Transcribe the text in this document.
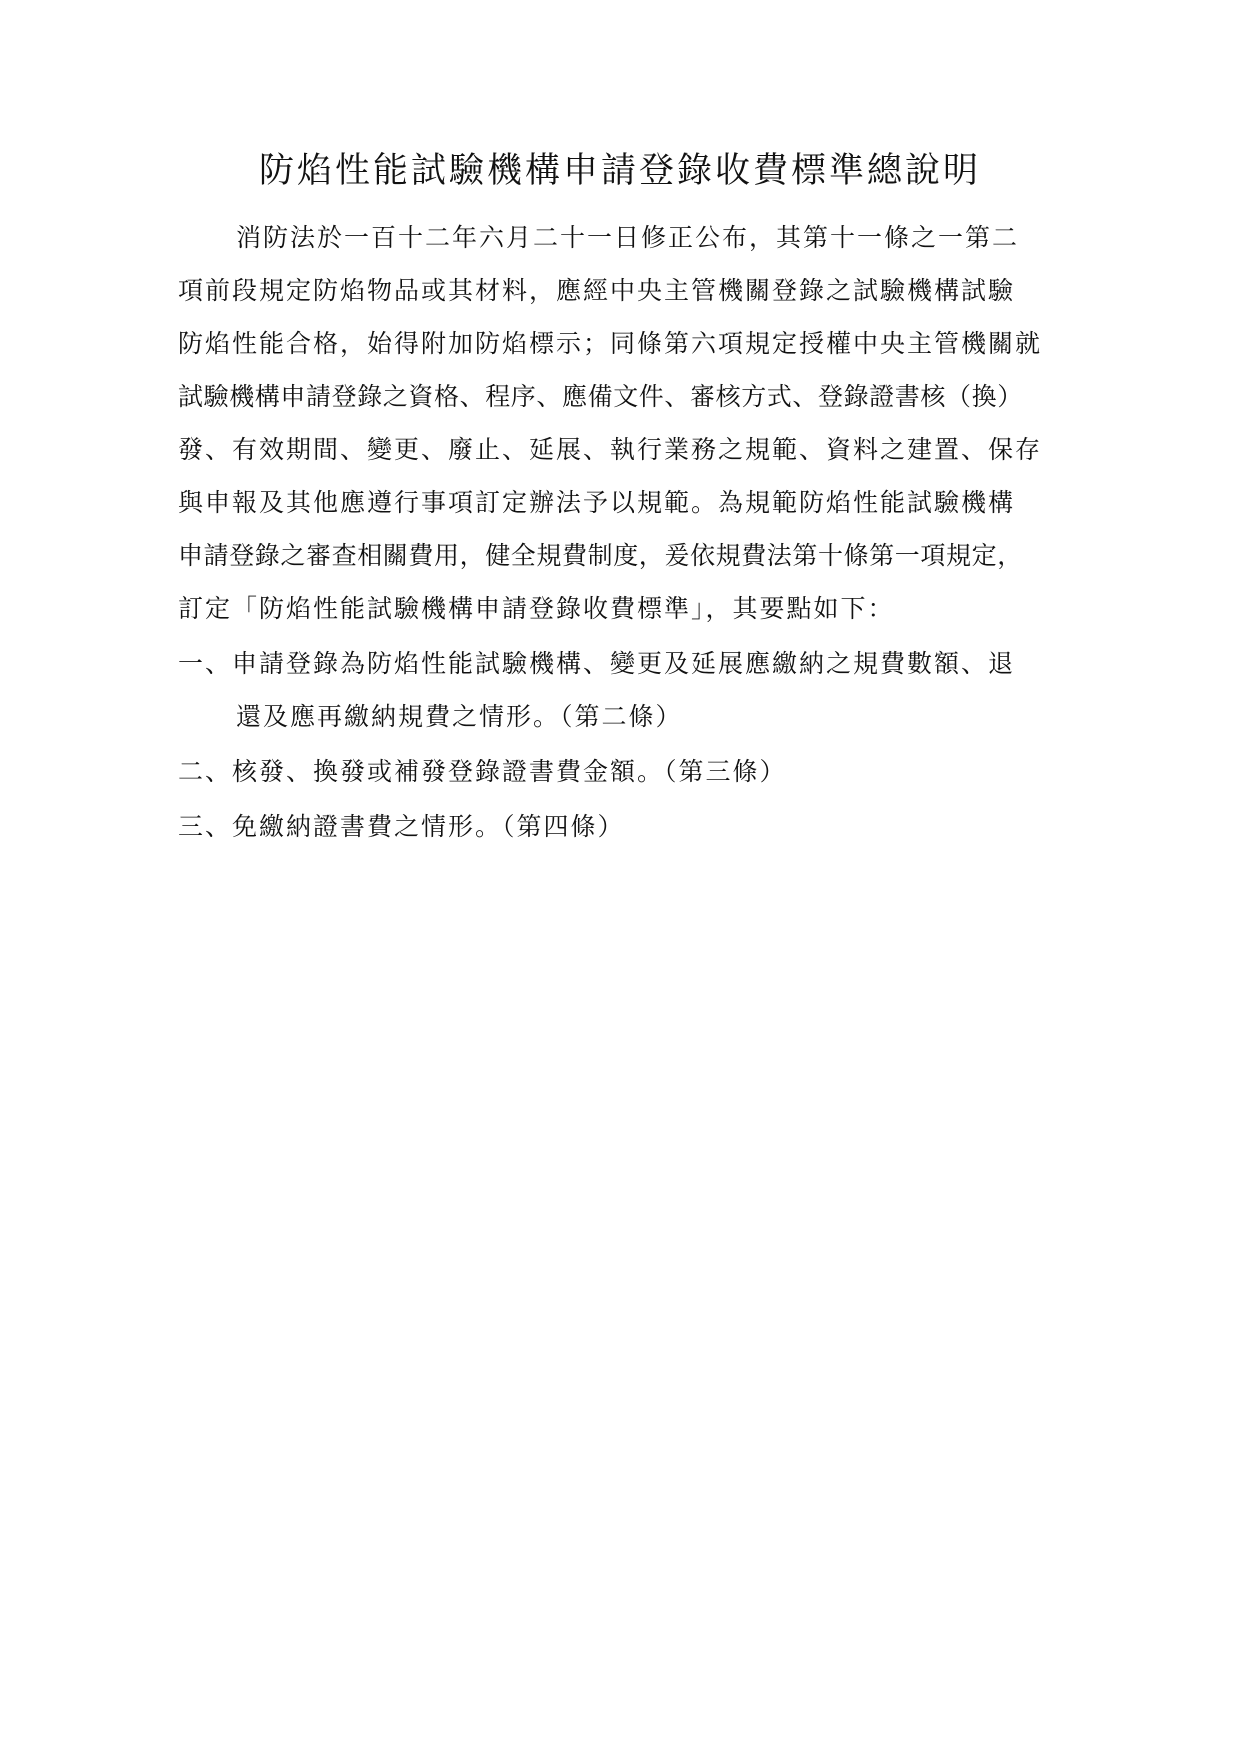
防焰性能試驗機構申請登錄收費標準總說明
消防法於一百十二年六月二十一日修正公布，其第十一條之一第二
項前段規定防焰物品或其材料，應經中央主管機關登錄之試驗機構試驗
防焰性能合格，始得附加防焰標示；同條第六項規定授權中央主管機關就
試驗機構申請登錄之資格、程序、應備文件、審核方式、登錄證書核（換）
發、有效期間、變更、廢止、延展、執行業務之規範、資料之建置、保存
與申報及其他應遵行事項訂定辦法予以規範。為規範防焰性能試驗機構
申請登錄之審查相關費用，健全規費制度，爰依規費法第十條第一項規定，
訂定「防焰性能試驗機構申請登錄收費標準」，其要點如下：
一、申請登錄為防焰性能試驗機構、變更及延展應繳納之規費數額、退
還及應再繳納規費之情形。（第二條）
二、核發、換發或補發登錄證書費金額。（第三條）
三、免繳納證書費之情形。（第四條）
